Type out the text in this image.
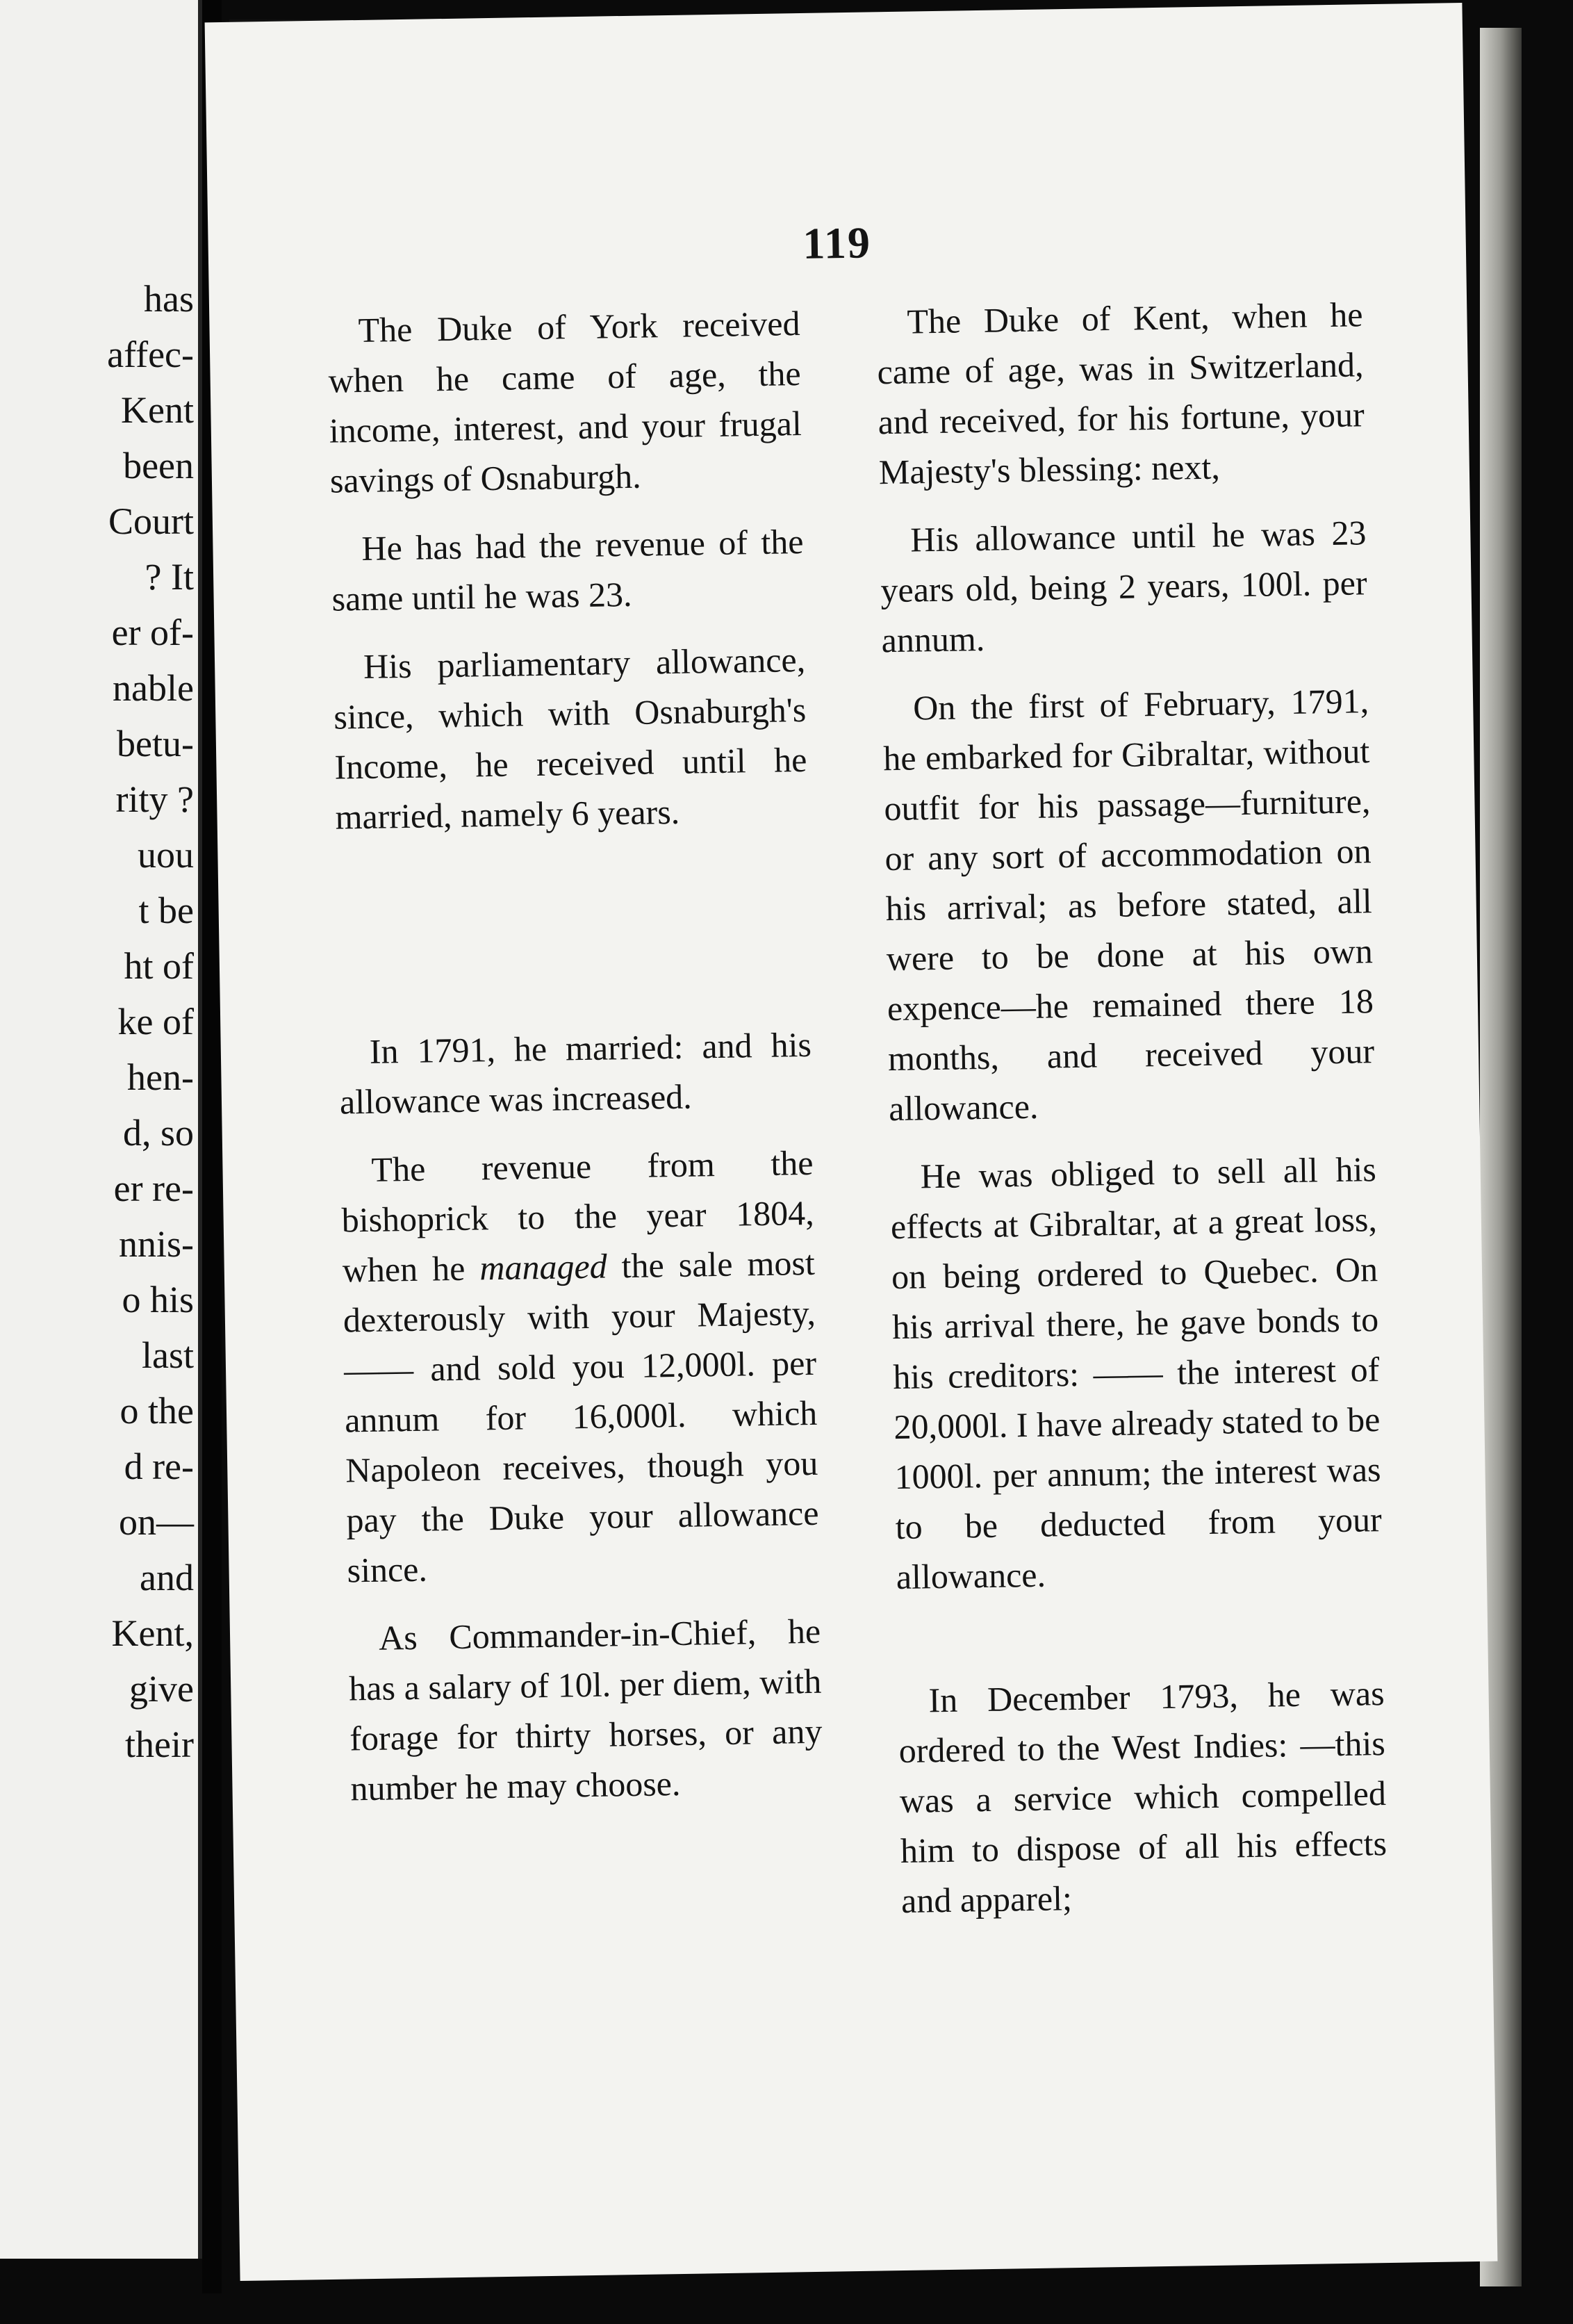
has
affec-
Kent
been
Court
? It
er of-
nable
betu-
rity ?
uou
t be
ht of
ke of
hen-
d, so
er re-
nnis-
o his
last
o the
d re-
on—
and
Kent,
give
their
119

The Duke of York received when he came of age, the income, interest, and your frugal savings of Osnaburgh.

He has had the revenue of the same until he was 23.

His parliamentary allowance, since, which with Osnaburgh's Income, he received until he married, namely 6 years.

In 1791, he married: and his allowance was increased.

The revenue from the bishoprick to the year 1804, when he managed the sale most dexterously with your Majesty, —— and sold you 12,000l. per annum for 16,000l. which Napoleon receives, though you pay the Duke your allowance since.

As Commander-in-Chief, he has a salary of 10l. per diem, with forage for thirty horses, or any number he may choose.

The Duke of Kent, when he came of age, was in Switzerland, and received, for his fortune, your Majesty's blessing: next,

His allowance until he was 23 years old, being 2 years, 100l. per annum.

On the first of February, 1791, he embarked for Gibraltar, without outfit for his passage—furniture, or any sort of accommodation on his arrival; as before stated, all were to be done at his own expence—he remained there 18 months, and received your allowance.

He was obliged to sell all his effects at Gibraltar, at a great loss, on being ordered to Quebec. On his arrival there, he gave bonds to his creditors: —— the interest of 20,000l. I have already stated to be 1000l. per annum; the interest was to be deducted from your allowance.

In December 1793, he was ordered to the West Indies: —this was a service which compelled him to dispose of all his effects and apparel;
